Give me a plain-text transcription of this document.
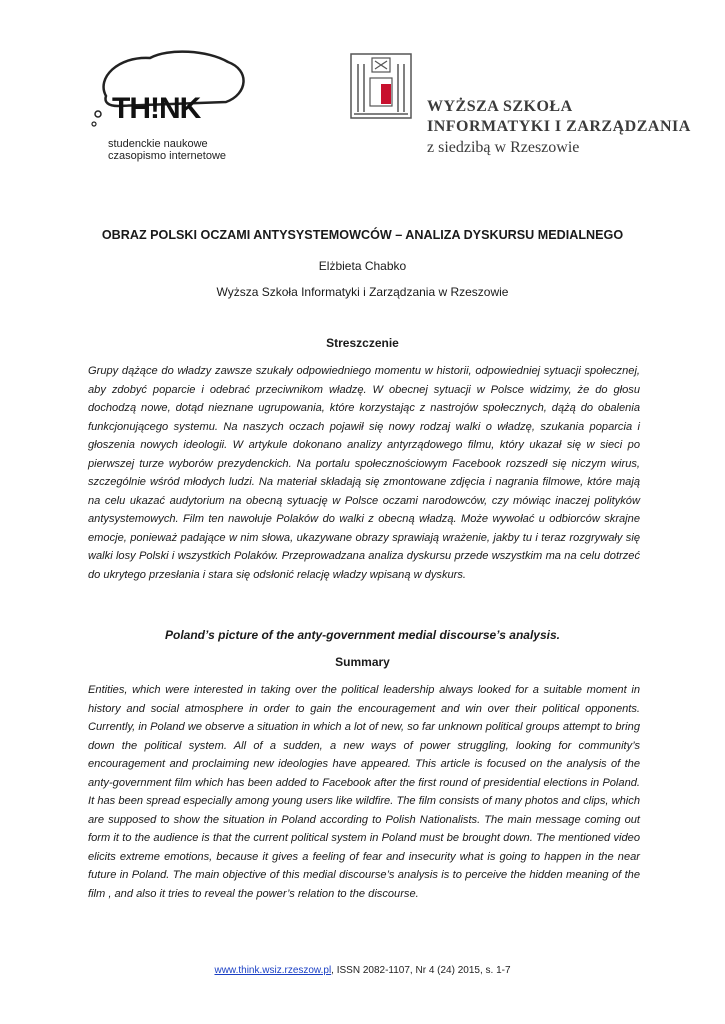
TH!NK
studenckie naukowe
czasopismo internetowe
WYŻSZA SZKOŁA
INFORMATYKI I ZARZĄDZANIA
z siedzibą w Rzeszowie
OBRAZ POLSKI OCZAMI ANTYSYSTEMOWCÓW – ANALIZA DYSKURSU MEDIALNEGO

Elżbieta Chabko

Wyższa Szkoła Informatyki i Zarządzania w Rzeszowie

Streszczenie

Grupy dążące do władzy zawsze szukały odpowiedniego momentu w historii, odpowiedniej sytuacji społecznej, aby zdobyć poparcie i odebrać przeciwnikom władzę. W obecnej sytuacji w Polsce widzimy, że do głosu dochodzą nowe, dotąd nieznane ugrupowania, które korzystając z nastrojów społecznych, dążą do obalenia funkcjonującego systemu. Na naszych oczach pojawił się nowy rodzaj walki o władzę, szukania poparcia i głoszenia nowych ideologii. W artykule dokonano analizy antyrządowego filmu, który ukazał się w sieci po pierwszej turze wyborów prezydenckich. Na portalu społecznościowym Facebook rozszedł się niczym wirus, szczególnie wśród młodych ludzi. Na materiał składają się zmontowane zdjęcia i nagrania filmowe, które mają na celu ukazać audytorium na obecną sytuację w Polsce oczami narodowców, czy mówiąc inaczej polityków antysystemowych. Film ten nawołuje Polaków do walki z obecną władzą. Może wywołać u odbiorców skrajne emocje, ponieważ padające w nim słowa, ukazywane obrazy sprawiają wrażenie, jakby tu i teraz rozgrywały się walki losy Polski i wszystkich Polaków. Przeprowadzana analiza dyskursu przede wszystkim ma na celu dotrzeć do ukrytego przesłania i stara się odsłonić relację władzy wpisaną w dyskurs.

Poland’s picture of the anty-government medial discourse’s analysis.
Summary

Entities, which were interested in taking over the political leadership always looked for a suitable moment in history and social atmosphere in order to gain the encouragement and win over their political opponents. Currently, in Poland we observe a situation in which a lot of new, so far unknown political groups attempt to bring down the political system. All of a sudden, a new ways of power struggling, looking for community’s encouragement and proclaiming new ideologies have appeared. This article is focused on the analysis of the anty-government film which has been added to Facebook after the first round of presidential elections in Poland. It has been spread especially among young users like wildfire. The film consists of many photos and clips, which are supposed to show the situation in Poland according to Polish Nationalists. The main message coming out form it to the audience is that the current political system in Poland must be brought down. The mentioned video elicits extreme emotions, because it gives a feeling of fear and insecurity what is going to happen in the near future in Poland. The main objective of this medial discourse’s analysis is to perceive the hidden meaning of the film , and also it tries to reveal the power’s relation to the discourse.

www.think.wsiz.rzeszow.pl, ISSN 2082-1107, Nr 4 (24) 2015, s. 1-7
